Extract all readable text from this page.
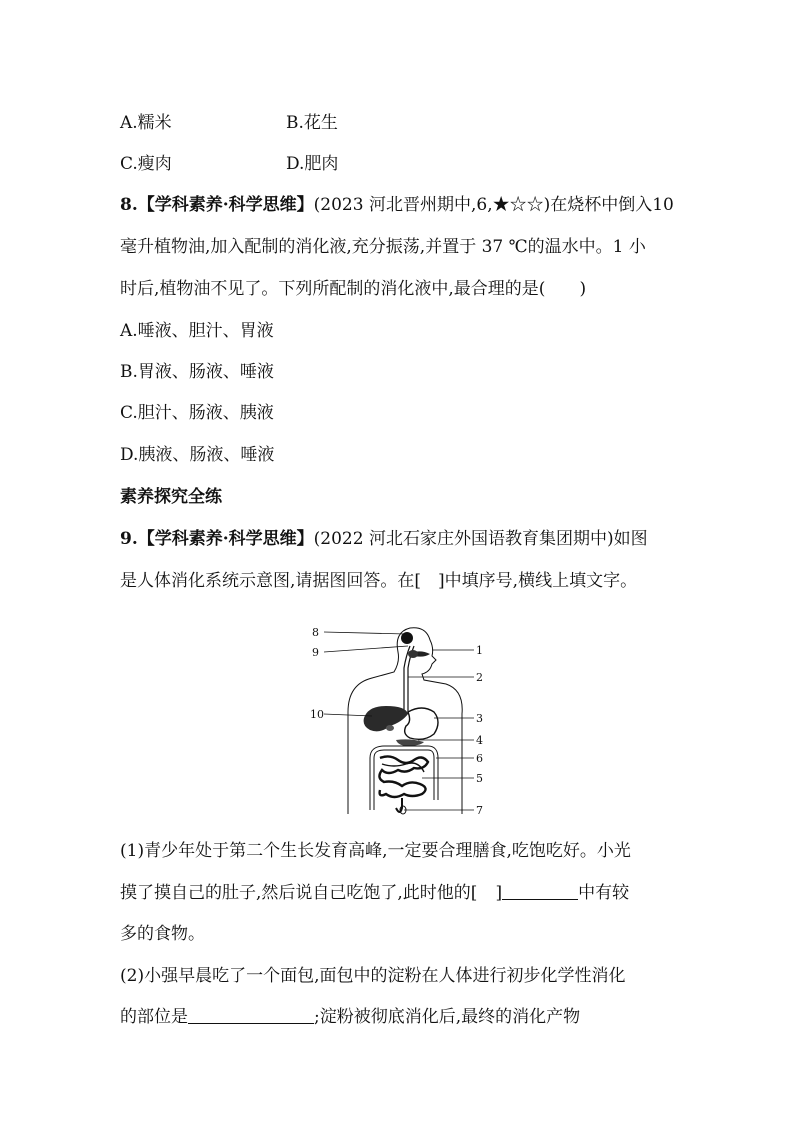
A.糯米	B.花生
C.瘦肉	D.肥肉
8.【学科素养·科学思维】(2023 河北晋州期中,6,★☆☆)在烧杯中倒入10
毫升植物油,加入配制的消化液,充分振荡,并置于 37 ℃的温水中。1 小
时后,植物油不见了。下列所配制的消化液中,最合理的是(　　)
A.唾液、胆汁、胃液
B.胃液、肠液、唾液
C.胆汁、肠液、胰液
D.胰液、肠液、唾液
素养探究全练
9.【学科素养·科学思维】(2022 河北石家庄外国语教育集团期中)如图
是人体消化系统示意图,请据图回答。在[　]中填序号,横线上填文字。
8
9
10
1
2
3
4
6
5
7
(1)青少年处于第二个生长发育高峰,一定要合理膳食,吃饱吃好。小光
摸了摸自己的肚子,然后说自己吃饱了,此时他的[ ]	中有较
多的食物。
(2)小强早晨吃了一个面包,面包中的淀粉在人体进行初步化学性消化
的部位是	;淀粉被彻底消化后,最终的消化产物
